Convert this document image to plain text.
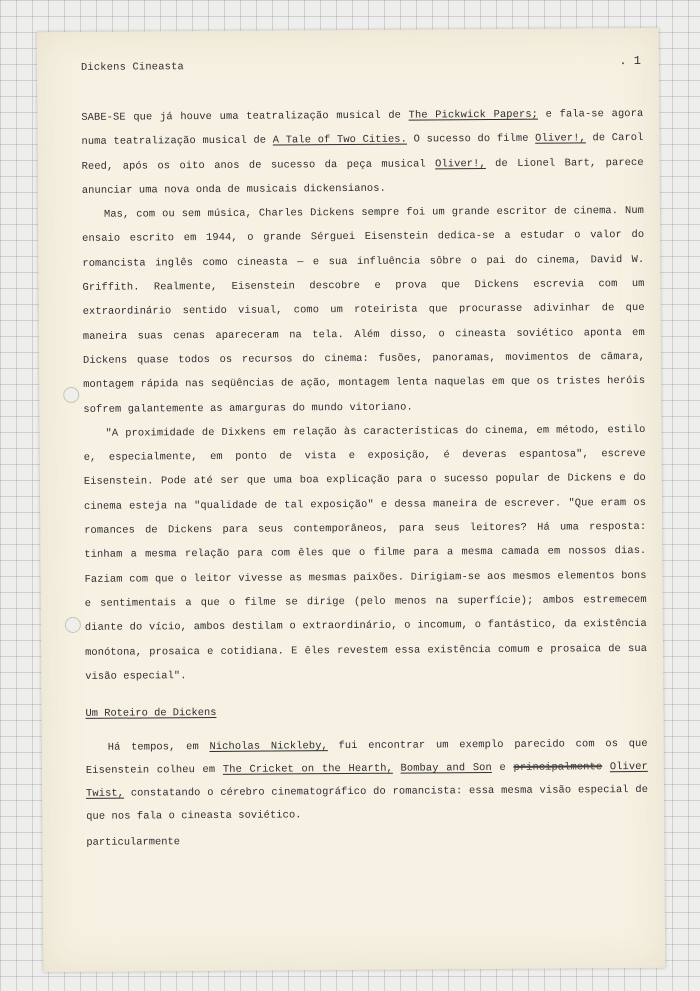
Dickens Cineasta	. 1

SABE-SE que já houve uma teatralização musical de The Pickwick Papers; e fala-se agora numa teatralização musical de A Tale of Two Cities. O sucesso do filme Oliver!, de Carol Reed, após os oito anos de sucesso da peça musical Oliver!, de Lionel Bart, parece anunciar uma nova onda de musicais dickensianos.

Mas, com ou sem música, Charles Dickens sempre foi um grande escritor de cinema. Num ensaio escrito em 1944, o grande Sérguei Eisenstein dedica-se a estudar o valor do romancista inglês como cineasta — e sua influência sôbre o pai do cinema, David W. Griffith. Realmente, Eisenstein descobre e prova que Dickens escrevia com um extraordinário sentido visual, como um roteirista que procurasse adivinhar de que maneira suas cenas apareceram na tela. Além disso, o cineasta soviético aponta em Dickens quase todos os recursos do cinema: fusões, panoramas, movimentos de câmara, montagem rápida nas seqüências de ação, montagem lenta naquelas em que os tristes heróis sofrem galantemente as amarguras do mundo vitoriano.

"A proximidade de Dixkens em relação às características do cinema, em método, estilo e, especialmente, em ponto de vista e exposição, é deveras espantosa", escreve Eisenstein. Pode até ser que uma boa explicação para o sucesso popular de Dickens e do cinema esteja na "qualidade de tal exposição" e dessa maneira de escrever. "Que eram os romances de Dickens para seus contemporâneos, para seus leitores? Há uma resposta: tinham a mesma relação para com êles que o filme para a mesma camada em nossos dias. Faziam com que o leitor vivesse as mesmas paixões. Dirigiam-se aos mesmos elementos bons e sentimentais a que o filme se dirige (pelo menos na superfície); ambos estremecem diante do vício, ambos destilam o extraordinário, o incomum, o fantástico, da existência monótona, prosaica e cotidiana. E êles revestem essa existência comum e prosaica de sua visão especial".

Um Roteiro de Dickens

Há tempos, em Nicholas Nickleby, fui encontrar um exemplo parecido com os que Eisenstein colheu em The Cricket on the Hearth, Bombay and Son e principalmente Oliver Twist, constatando o cérebro cinematográfico do romancista: essa mesma visão especial de que nos fala o cineasta soviético.

particularmente
